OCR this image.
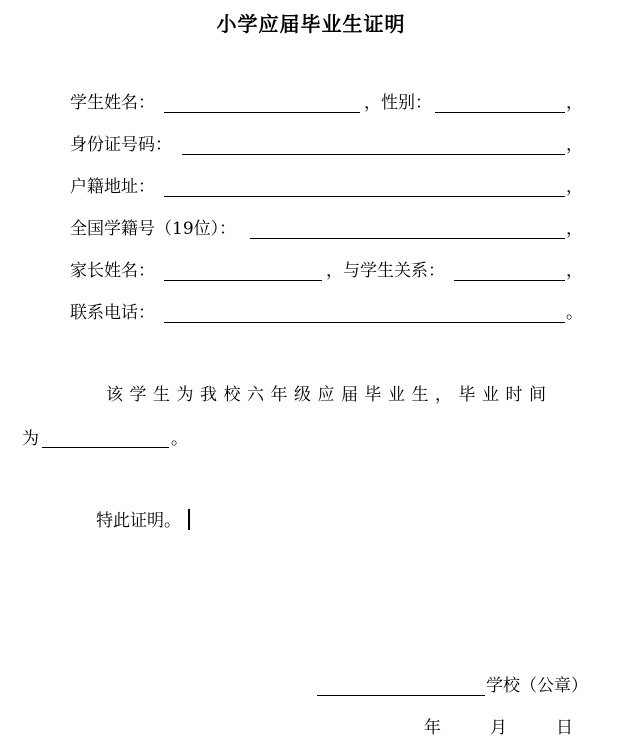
小学应届毕业生证明
学生姓名：	，性别：	，
身份证号码：	，
户籍地址：	，
全国学籍号（19位）：	，
家长姓名：	，与学生关系：	，
联系电话：	。
该学生为我校六年级应届毕业生，毕业时间
为	。
特此证明。
学校（公章）
年	月	日
